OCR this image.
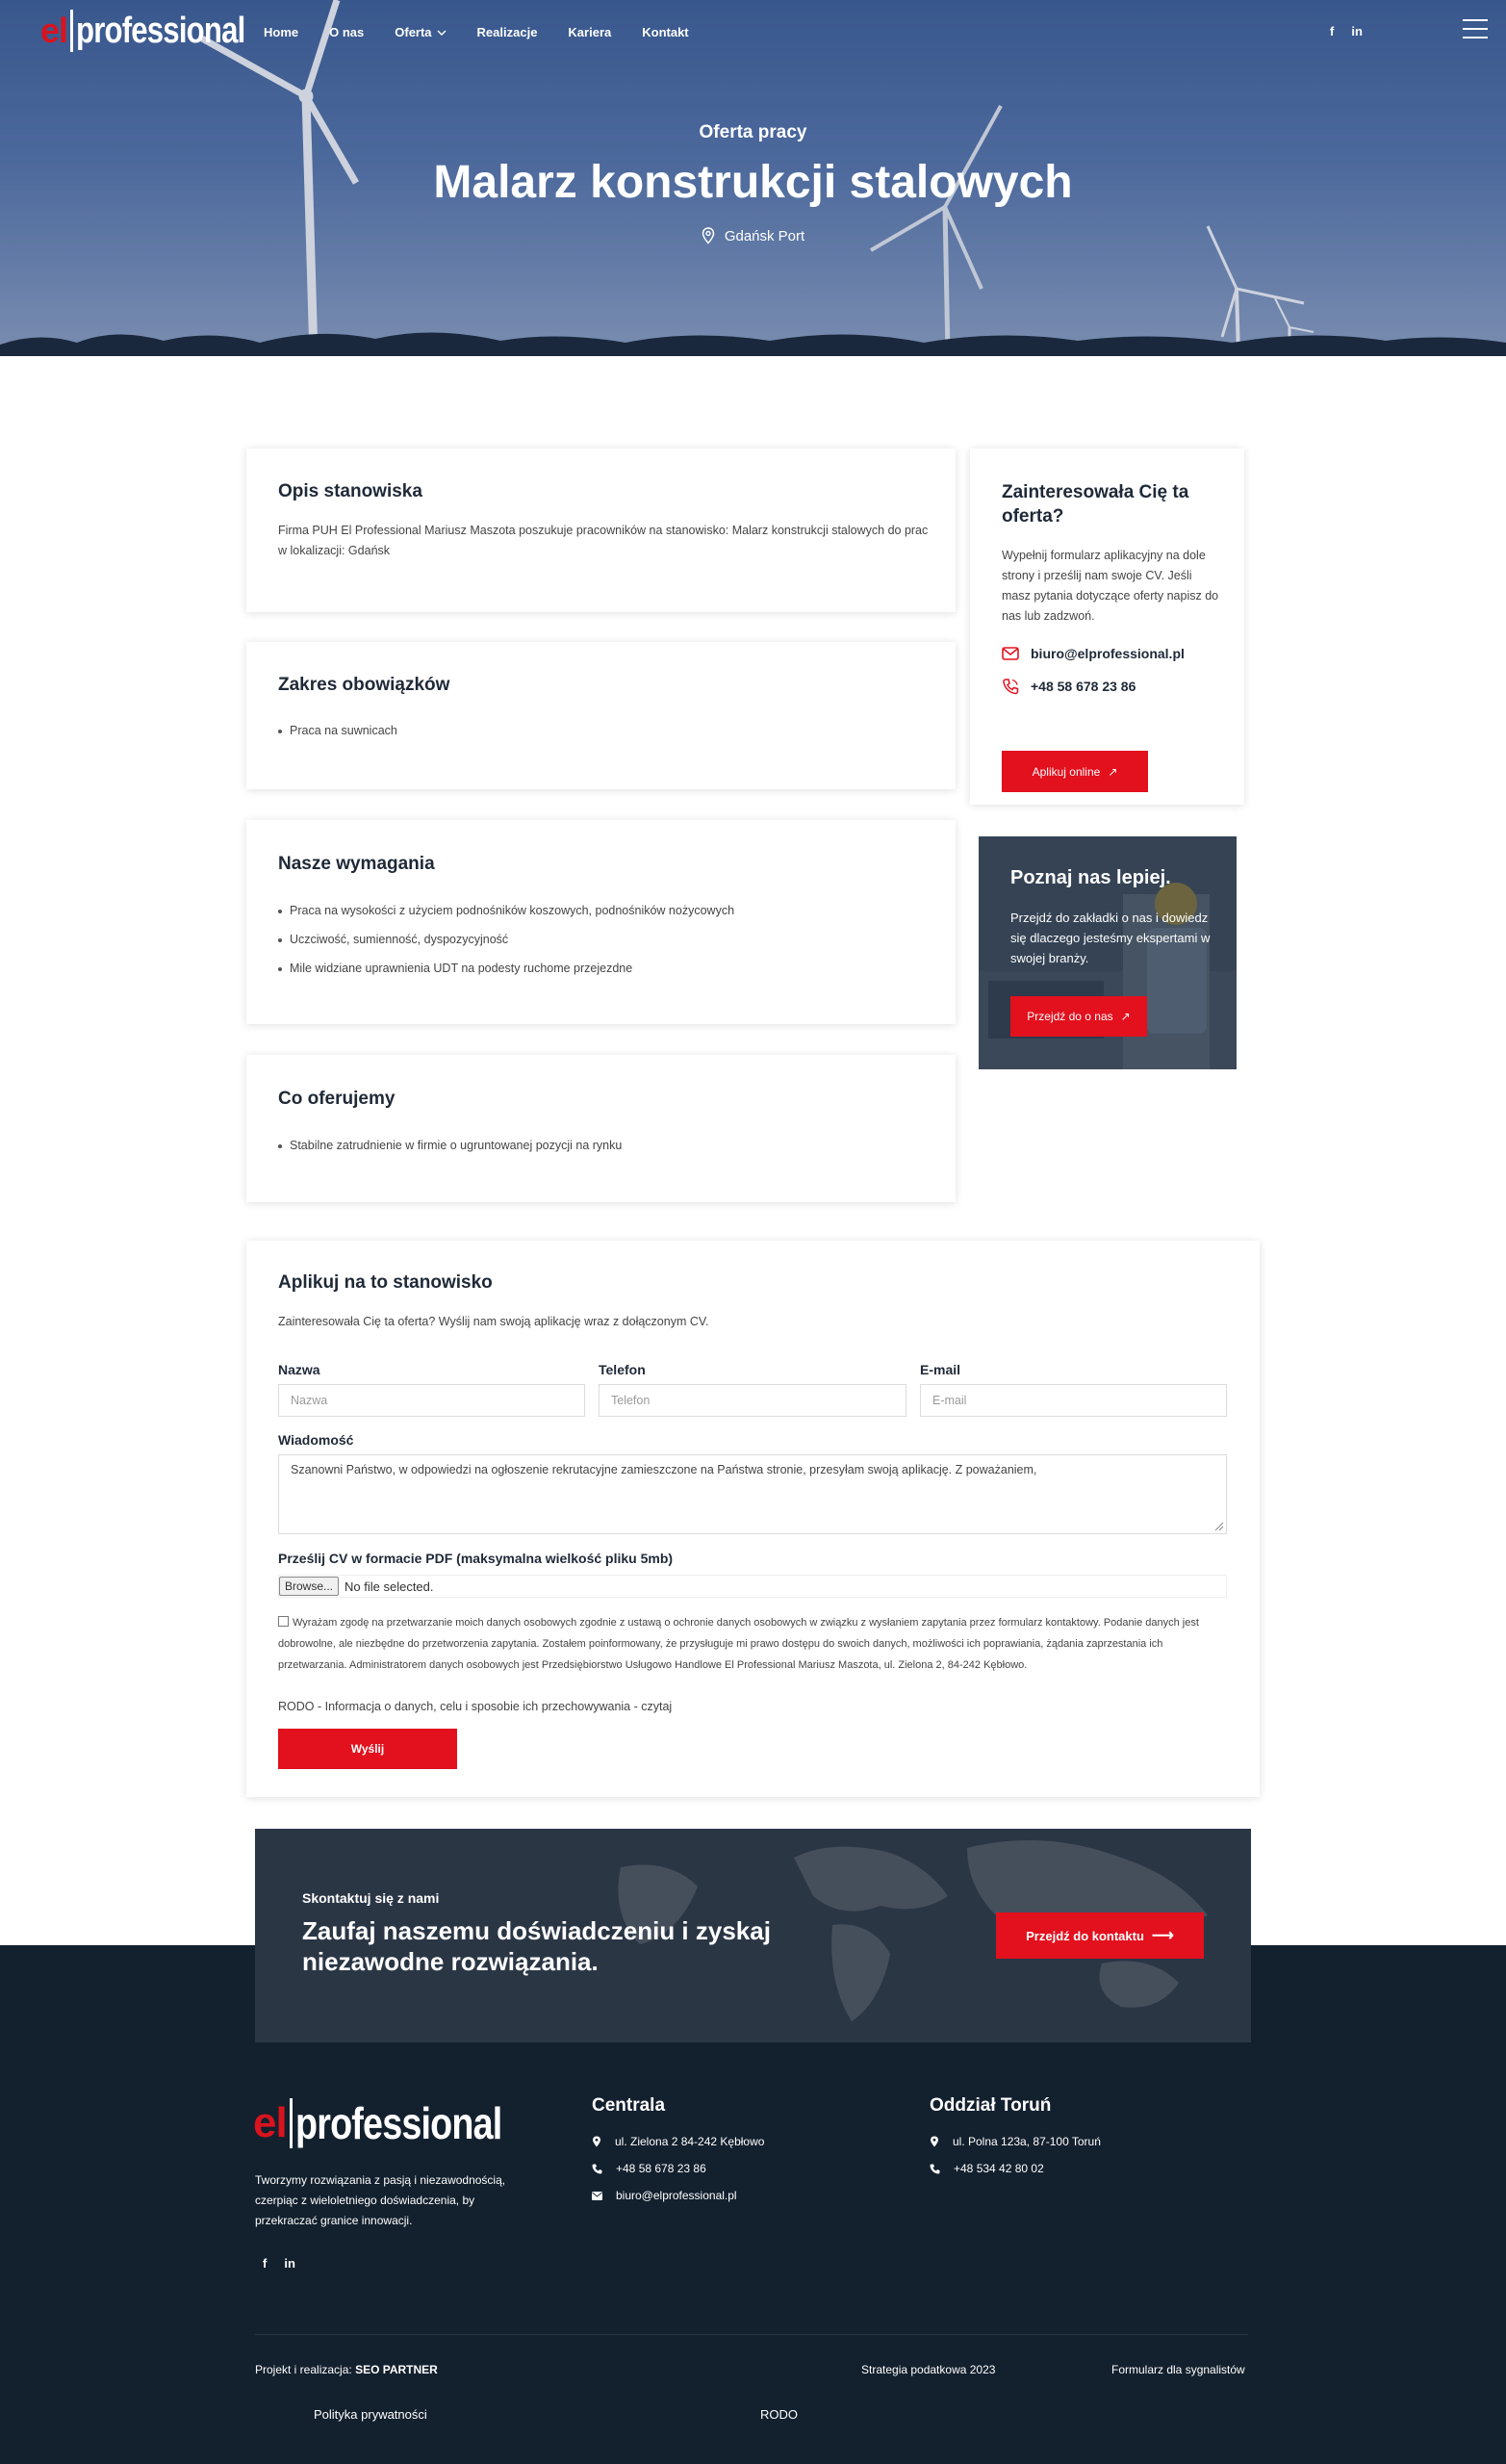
el professional Home O nas Oferta	Realizacje Kariera Kontakt	f in
Oferta pracy
Malarz konstrukcji stalowych
Gdańsk Port
Opis stanowiska

Firma PUH El Professional Mariusz Maszota poszukuje pracowników na stanowisko: Malarz konstrukcji stalowych do prac w lokalizacji: Gdańsk

Zakres obowiązków
Praca na suwnicach
Nasze wymagania
Praca na wysokości z użyciem podnośników koszowych, podnośników nożycowych
Uczciwość, sumienność, dyspozycyjność
Mile widziane uprawnienia UDT na podesty ruchome przejezdne
Co oferujemy
Stabilne zatrudnienie w firmie o ugruntowanej pozycji na rynku
Zainteresowała Cię ta oferta?

Wypełnij formularz aplikacyjny na dole strony i prześlij nam swoje CV. Jeśli masz pytania dotyczące oferty napisz do nas lub zadzwoń.

biuro@elprofessional.pl
+48 58 678 23 86
Aplikuj online ↗
Poznaj nas lepiej.

Przejdź do zakładki o nas i dowiedz się dlaczego jesteśmy ekspertami w swojej branży.

Przejdź do o nas ↗
Aplikuj na to stanowisko

Zainteresowała Cię ta oferta? Wyślij nam swoją aplikację wraz z dołączonym CV.

Nazwa
Nazwa
Telefon
Telefon
E-mail
E-mail
Wiadomość
Szanowni Państwo, w odpowiedzi na ogłoszenie rekrutacyjne zamieszczone na Państwa stronie, przesyłam swoją aplikację. Z poważaniem,
Prześlij CV w formacie PDF (maksymalna wielkość pliku 5mb)
Browse... No file selected.
Wyrażam zgodę na przetwarzanie moich danych osobowych zgodnie z ustawą o ochronie danych osobowych w związku z wysłaniem zapytania przez formularz kontaktowy. Podanie danych jest dobrowolne, ale niezbędne do przetworzenia zapytania. Zostałem poinformowany, że przysługuje mi prawo dostępu do swoich danych, możliwości ich poprawiania, żądania zaprzestania ich przetwarzania. Administratorem danych osobowych jest Przedsiębiorstwo Usługowo Handlowe El Professional Mariusz Maszota, ul. Zielona 2, 84-242 Kębłowo.

RODO - Informacja o danych, celu i sposobie ich przechowywania - czytaj

Wyślij
Skontaktuj się z nami
Zaufaj naszemu doświadczeniu i zyskaj niezawodne rozwiązania.
Przejdź do kontaktu ⟶
el professional

Tworzymy rozwiązania z pasją i niezawodnością, czerpiąc z wieloletniego doświadczenia, by przekraczać granice innowacji.

f in
Centrala
ul. Zielona 2 84-242 Kębłowo
+48 58 678 23 86
biuro@elprofessional.pl
Oddział Toruń
ul. Polna 123a, 87-100 Toruń
+48 534 42 80 02
Projekt i realizacja: SEO PARTNER	Strategia podatkowa 2023	Formularz dla sygnalistów
Polityka prywatności	RODO
